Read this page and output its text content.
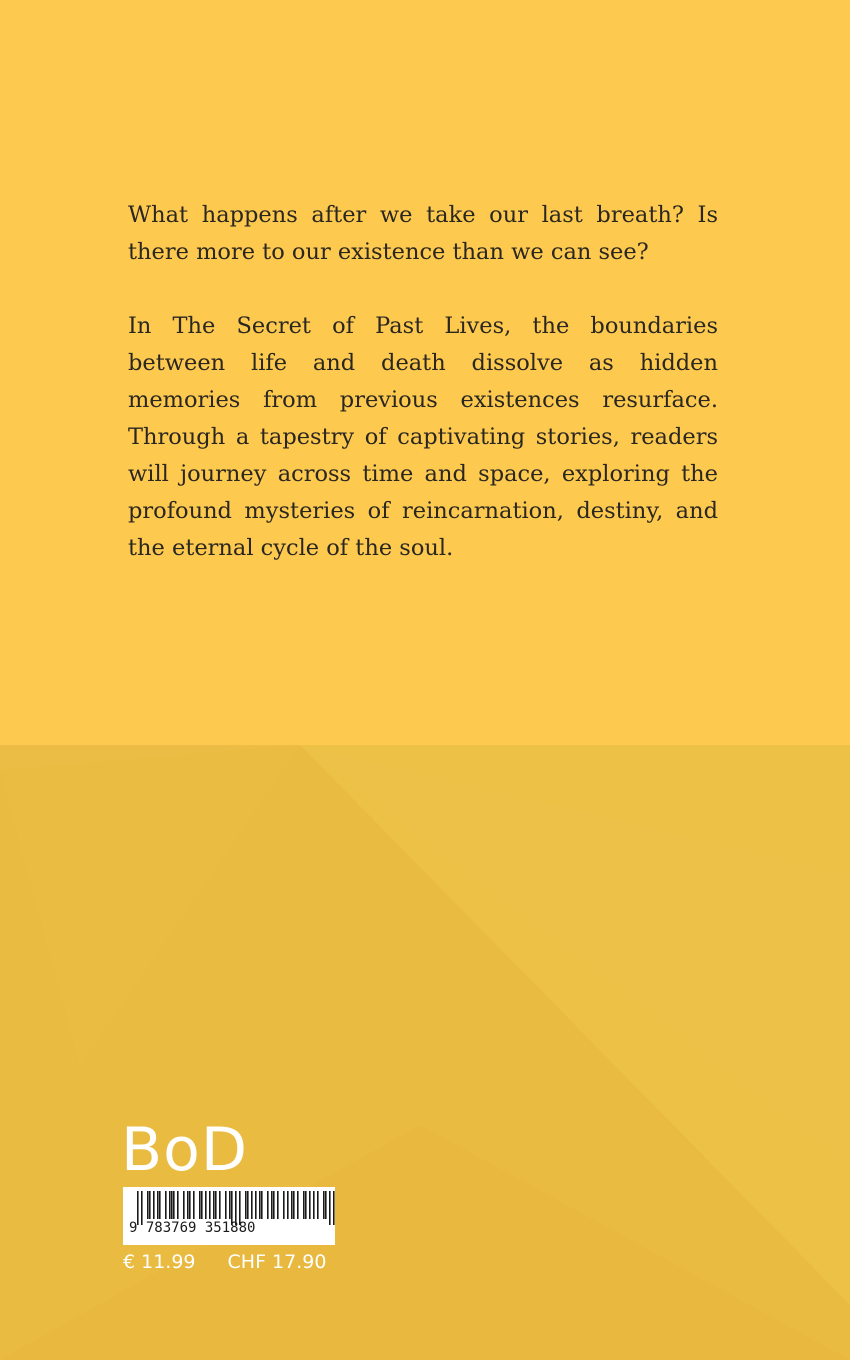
What happens after we take our last breath? Is there more to our existence than we can see?

In The Secret of Past Lives, the boundaries between life and death dissolve as hidden memories from previous existences resurface. Through a tapestry of captivating stories, readers will journey across time and space, exploring the profound mysteries of reincarnation, destiny, and the eternal cycle of the soul.

BoD
9 783769 351880
€ 11.99 CHF 17.90
